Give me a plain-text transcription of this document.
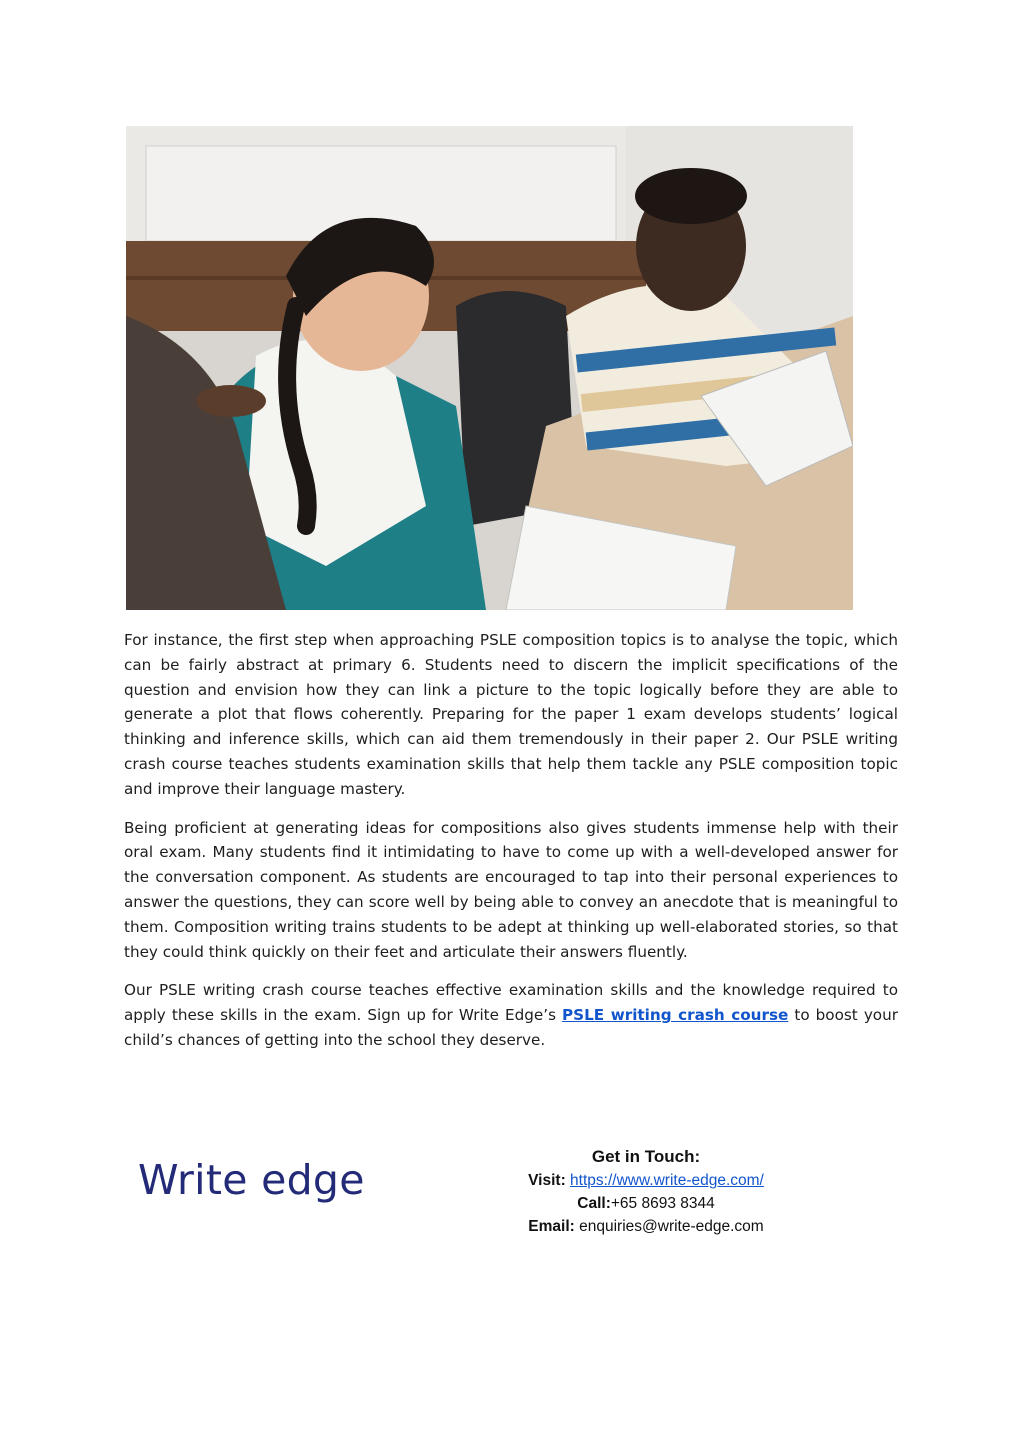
For instance, the first step when approaching PSLE composition topics is to analyse the topic, which can be fairly abstract at primary 6. Students need to discern the implicit specifications of the question and envision how they can link a picture to the topic logically before they are able to generate a plot that flows coherently. Preparing for the paper 1 exam develops students’ logical thinking and inference skills, which can aid them tremendously in their paper 2. Our PSLE writing crash course teaches students examination skills that help them tackle any PSLE composition topic and improve their language mastery.

Being proficient at generating ideas for compositions also gives students immense help with their oral exam. Many students find it intimidating to have to come up with a well-developed answer for the conversation component. As students are encouraged to tap into their personal experiences to answer the questions, they can score well by being able to convey an anecdote that is meaningful to them. Composition writing trains students to be adept at thinking up well-elaborated stories, so that they could think quickly on their feet and articulate their answers fluently.

Our PSLE writing crash course teaches effective examination skills and the knowledge required to apply these skills in the exam. Sign up for Write Edge’s PSLE writing crash course to boost your child’s chances of getting into the school they deserve.

Write edge	Get in Touch:
Visit: https://www.write-edge.com/
Call:+65 8693 8344
Email: enquiries@write-edge.com
